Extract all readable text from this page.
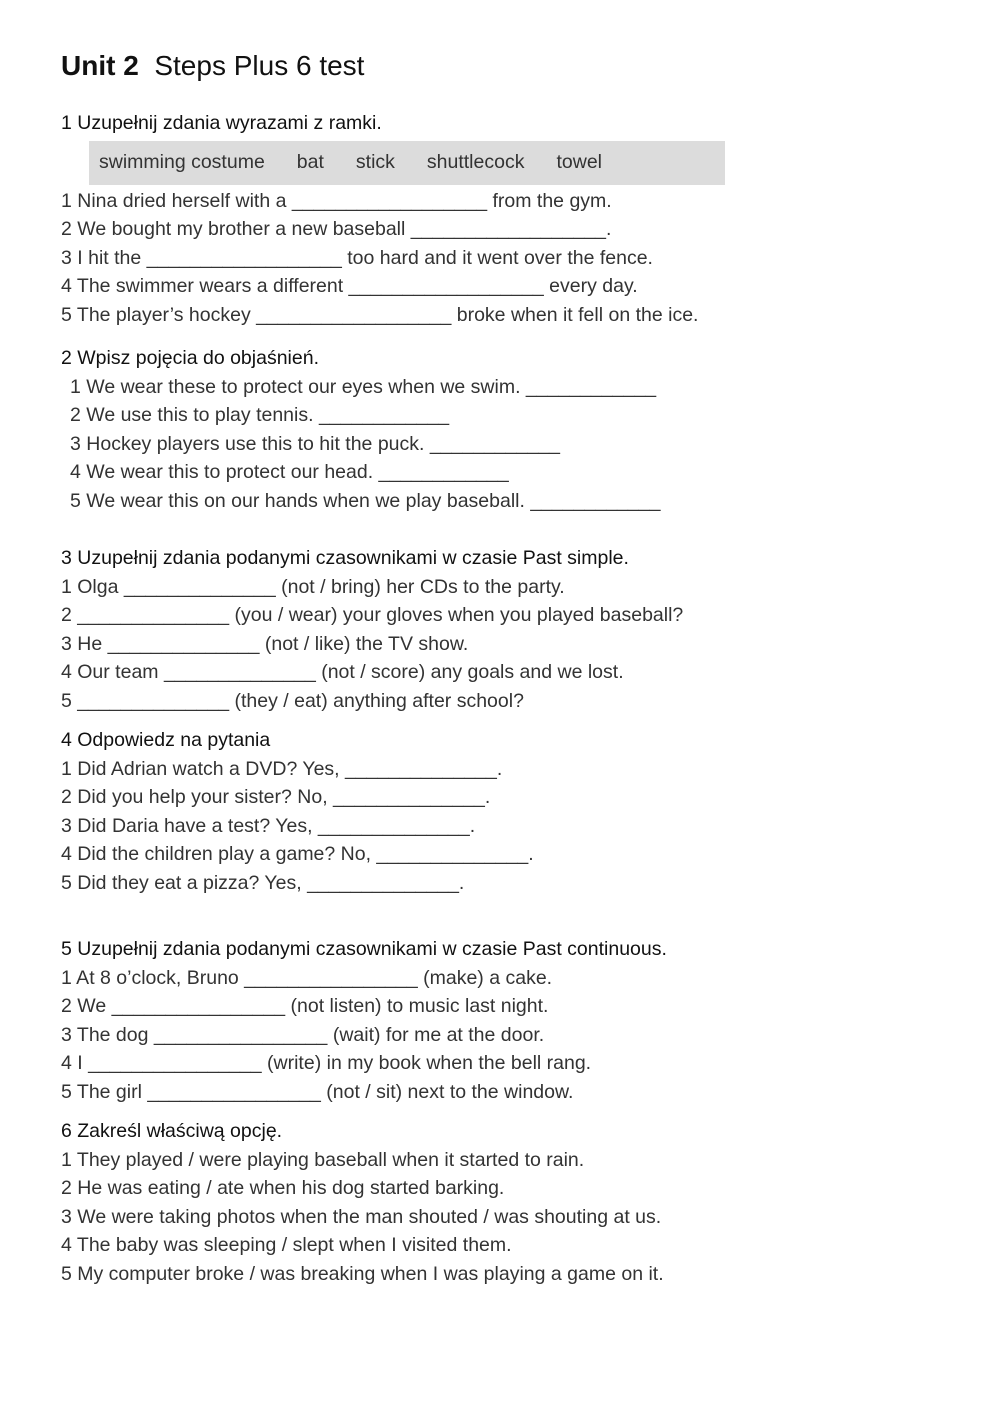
Unit 2 Steps Plus 6 test
1 Uzupełnij zdania wyrazami z ramki.
swimming costume bat stick shuttlecock towel
1 Nina dried herself with a __________________ from the gym.
2 We bought my brother a new baseball __________________.
3 I hit the __________________ too hard and it went over the fence.
4 The swimmer wears a different __________________ every day.
5 The player’s hockey __________________ broke when it fell on the ice.
2 Wpisz pojęcia do objaśnień.
1 We wear these to protect our eyes when we swim. ____________
2 We use this to play tennis. ____________
3 Hockey players use this to hit the puck. ____________
4 We wear this to protect our head. ____________
5 We wear this on our hands when we play baseball. ____________
3 Uzupełnij zdania podanymi czasownikami w czasie Past simple.
1 Olga ______________ (not / bring) her CDs to the party.
2 ______________ (you / wear) your gloves when you played baseball?
3 He ______________ (not / like) the TV show.
4 Our team ______________ (not / score) any goals and we lost.
5 ______________ (they / eat) anything after school?
4 Odpowiedz na pytania
1 Did Adrian watch a DVD? Yes, ______________.
2 Did you help your sister? No, ______________.
3 Did Daria have a test? Yes, ______________.
4 Did the children play a game? No, ______________.
5 Did they eat a pizza? Yes, ______________.
5 Uzupełnij zdania podanymi czasownikami w czasie Past continuous.
1 At 8 o’clock, Bruno ________________ (make) a cake.
2 We ________________ (not listen) to music last night.
3 The dog ________________ (wait) for me at the door.
4 I ________________ (write) in my book when the bell rang.
5 The girl ________________ (not / sit) next to the window.
6 Zakreśl właściwą opcję.
1 They played / were playing baseball when it started to rain.
2 He was eating / ate when his dog started barking.
3 We were taking photos when the man shouted / was shouting at us.
4 The baby was sleeping / slept when I visited them.
5 My computer broke / was breaking when I was playing a game on it.
